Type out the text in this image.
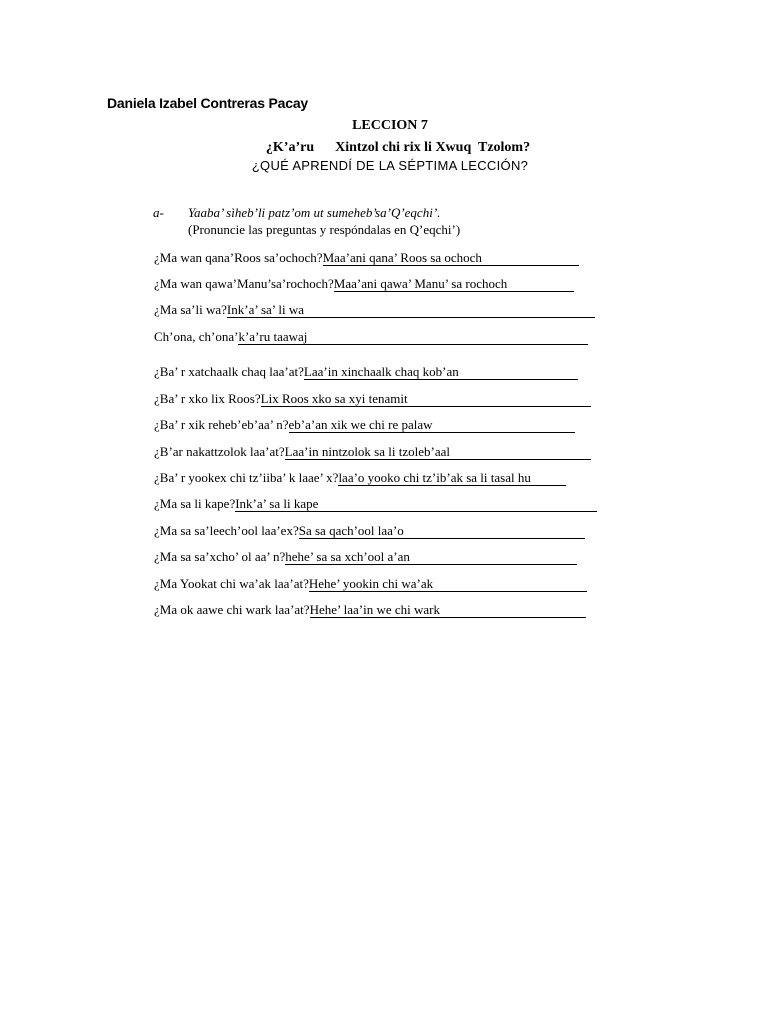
Daniela Izabel Contreras Pacay
LECCION 7
¿K’a’ru      Xintzol chi rix li Xwuq  Tzolom?
¿QUÉ APRENDÍ DE LA SÉPTIMA LECCIÓN?
a- Yaaba’ sìheb’li patz’om ut sumeheb’sa’Q’eqchi’.
(Pronuncie las preguntas y respóndalas en Q’eqchi’)
¿Ma wan qana’Roos sa’ochoch?Maa’ani qana’ Roos sa ochoch
¿Ma wan qawa’Manu’sa’rochoch?Maa’ani qawa’ Manu’ sa rochoch
¿Ma sa’li wa?Ink’a’ sa’ li wa
Ch’ona, ch’ona’k’a’ru taawaj
¿Ba’ r xatchaalk chaq laa’at?Laa’in xinchaalk chaq kob’an
¿Ba’ r xko lix Roos?Lix Roos xko sa xyi tenamit
¿Ba’ r xik reheb’eb’aa’ n?eb’a’an xik we chi re palaw
¿B’ar nakattzolok laa’at?Laa’in nintzolok sa li tzoleb’aal
¿Ba’ r yookex chi tz’iiba’ k laae’ x?laa’o yooko chi tz’ib’ak sa li tasal hu
¿Ma sa li kape?Ink’a’ sa li kape
¿Ma sa sa’leech’ool laa’ex?Sa sa qach’ool laa’o
¿Ma sa sa’xcho’ ol aa’ n?hehe’ sa sa xch’ool a’an
¿Ma Yookat chi wa’ak laa’at?Hehe’ yookin chi wa’ak
¿Ma ok aawe chi wark laa’at?Hehe’ laa’in we chi wark
